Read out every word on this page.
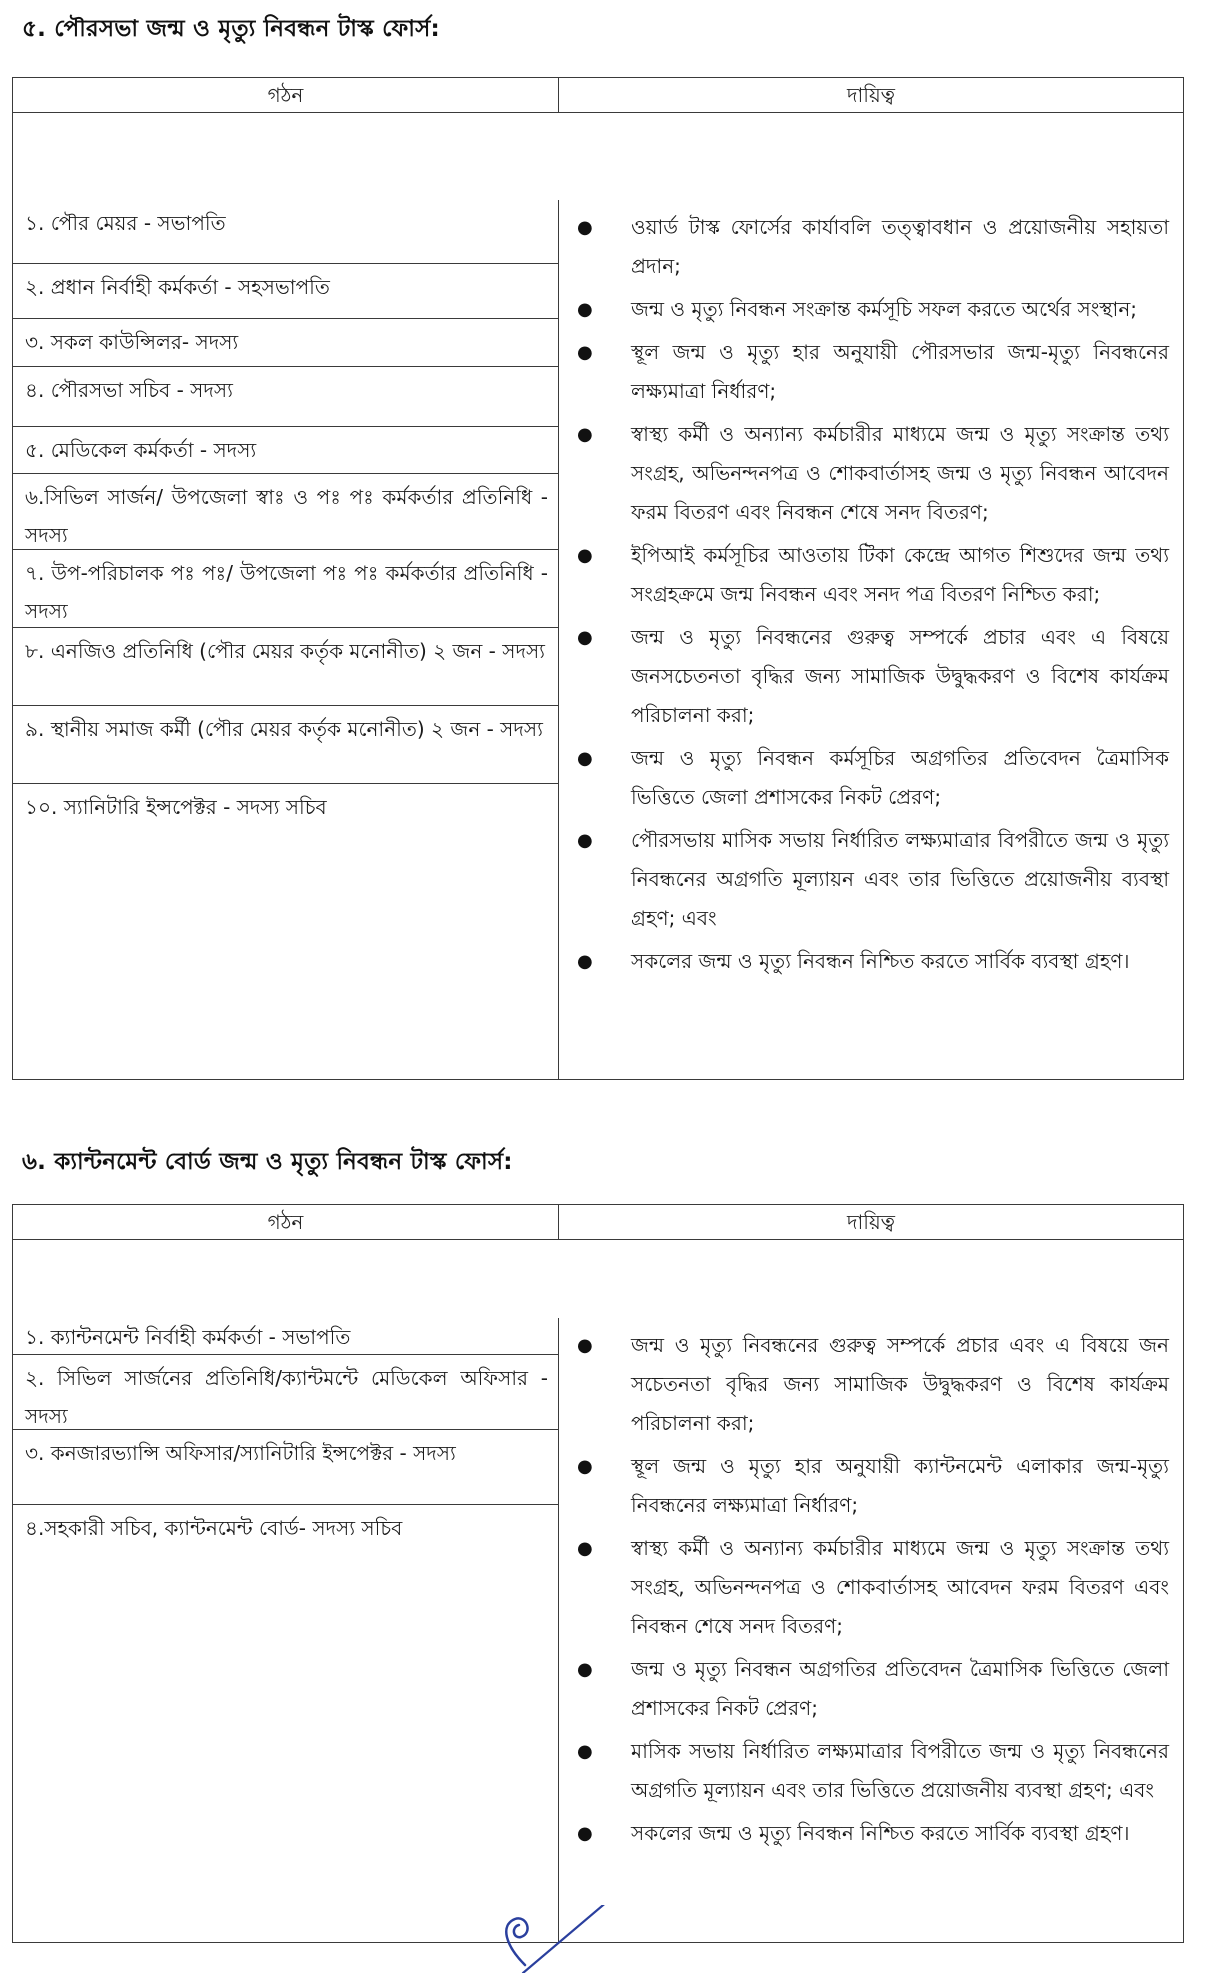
৫. পৌরসভা জন্ম ও মৃত্যু নিবন্ধন টাস্ক ফোর্স:
গঠন	দায়িত্ব
১. পৌর মেয়র - সভাপতি
২. প্রধান নির্বাহী কর্মকর্তা - সহসভাপতি
৩. সকল কাউন্সিলর- সদস্য
৪. পৌরসভা সচিব - সদস্য
৫. মেডিকেল কর্মকর্তা - সদস্য
৬.সিভিল সার্জন/ উপজেলা স্বাঃ ও পঃ পঃ কর্মকর্তার প্রতিনিধি - সদস্য
৭. উপ-পরিচালক পঃ পঃ/ উপজেলা পঃ পঃ কর্মকর্তার প্রতিনিধি - সদস্য
৮. এনজিও প্রতিনিধি (পৌর মেয়র কর্তৃক মনোনীত) ২ জন - সদস্য
৯. স্থানীয় সমাজ কর্মী (পৌর মেয়র কর্তৃক মনোনীত) ২ জন - সদস্য
১০. স্যানিটারি ইন্সপেক্টর - সদস্য সচিব
●	ওয়ার্ড টাস্ক ফোর্সের কার্যাবলি তত্ত্বাবধান ও প্রয়োজনীয় সহায়তা প্রদান;
●	জন্ম ও মৃত্যু নিবন্ধন সংক্রান্ত কর্মসূচি সফল করতে অর্থের সংস্থান;
●	স্থূল জন্ম ও মৃত্যু হার অনুযায়ী পৌরসভার জন্ম-মৃত্যু নিবন্ধনের লক্ষ্যমাত্রা নির্ধারণ;
●	স্বাস্থ্য কর্মী ও অন্যান্য কর্মচারীর মাধ্যমে জন্ম ও মৃত্যু সংক্রান্ত তথ্য সংগ্রহ, অভিনন্দনপত্র ও শোকবার্তাসহ জন্ম ও মৃত্যু নিবন্ধন আবেদন ফরম বিতরণ এবং নিবন্ধন শেষে সনদ বিতরণ;
●	ইপিআই কর্মসূচির আওতায় টিকা কেন্দ্রে আগত শিশুদের জন্ম তথ্য সংগ্রহক্রমে জন্ম নিবন্ধন এবং সনদ পত্র বিতরণ নিশ্চিত করা;
●	জন্ম ও মৃত্যু নিবন্ধনের গুরুত্ব সম্পর্কে প্রচার এবং এ বিষয়ে জনসচেতনতা বৃদ্ধির জন্য সামাজিক উদ্বুদ্ধকরণ ও বিশেষ কার্যক্রম পরিচালনা করা;
●	জন্ম ও মৃত্যু নিবন্ধন কর্মসূচির অগ্রগতির প্রতিবেদন ত্রৈমাসিক ভিত্তিতে জেলা প্রশাসকের নিকট প্রেরণ;
●	পৌরসভায় মাসিক সভায় নির্ধারিত লক্ষ্যমাত্রার বিপরীতে জন্ম ও মৃত্যু নিবন্ধনের অগ্রগতি মূল্যায়ন এবং তার ভিত্তিতে প্রয়োজনীয় ব্যবস্থা গ্রহণ; এবং
●	সকলের জন্ম ও মৃত্যু নিবন্ধন নিশ্চিত করতে সার্বিক ব্যবস্থা গ্রহণ।
৬. ক্যান্টনমেন্ট বোর্ড জন্ম ও মৃত্যু নিবন্ধন টাস্ক ফোর্স:
গঠন	দায়িত্ব
১. ক্যান্টনমেন্ট নির্বাহী কর্মকর্তা - সভাপতি
২. সিভিল সার্জনের প্রতিনিধি/ক্যান্টমন্টে মেডিকেল অফিসার - সদস্য
৩. কনজারভ্যান্সি অফিসার/স্যানিটারি ইন্সপেক্টর - সদস্য
৪.সহকারী সচিব, ক্যান্টনমেন্ট বোর্ড- সদস্য সচিব
●	জন্ম ও মৃত্যু নিবন্ধনের গুরুত্ব সম্পর্কে প্রচার এবং এ বিষয়ে জন সচেতনতা বৃদ্ধির জন্য সামাজিক উদ্বুদ্ধকরণ ও বিশেষ কার্যক্রম পরিচালনা করা;
●	স্থূল জন্ম ও মৃত্যু হার অনুযায়ী ক্যান্টনমেন্ট এলাকার জন্ম-মৃত্যু নিবন্ধনের লক্ষ্যমাত্রা নির্ধারণ;
●	স্বাস্থ্য কর্মী ও অন্যান্য কর্মচারীর মাধ্যমে জন্ম ও মৃত্যু সংক্রান্ত তথ্য সংগ্রহ, অভিনন্দনপত্র ও শোকবার্তাসহ আবেদন ফরম বিতরণ এবং নিবন্ধন শেষে সনদ বিতরণ;
●	জন্ম ও মৃত্যু নিবন্ধন অগ্রগতির প্রতিবেদন ত্রৈমাসিক ভিত্তিতে জেলা প্রশাসকের নিকট প্রেরণ;
●	মাসিক সভায় নির্ধারিত লক্ষ্যমাত্রার বিপরীতে জন্ম ও মৃত্যু নিবন্ধনের অগ্রগতি মূল্যায়ন এবং তার ভিত্তিতে প্রয়োজনীয় ব্যবস্থা গ্রহণ; এবং
●	সকলের জন্ম ও মৃত্যু নিবন্ধন নিশ্চিত করতে সার্বিক ব্যবস্থা গ্রহণ।
